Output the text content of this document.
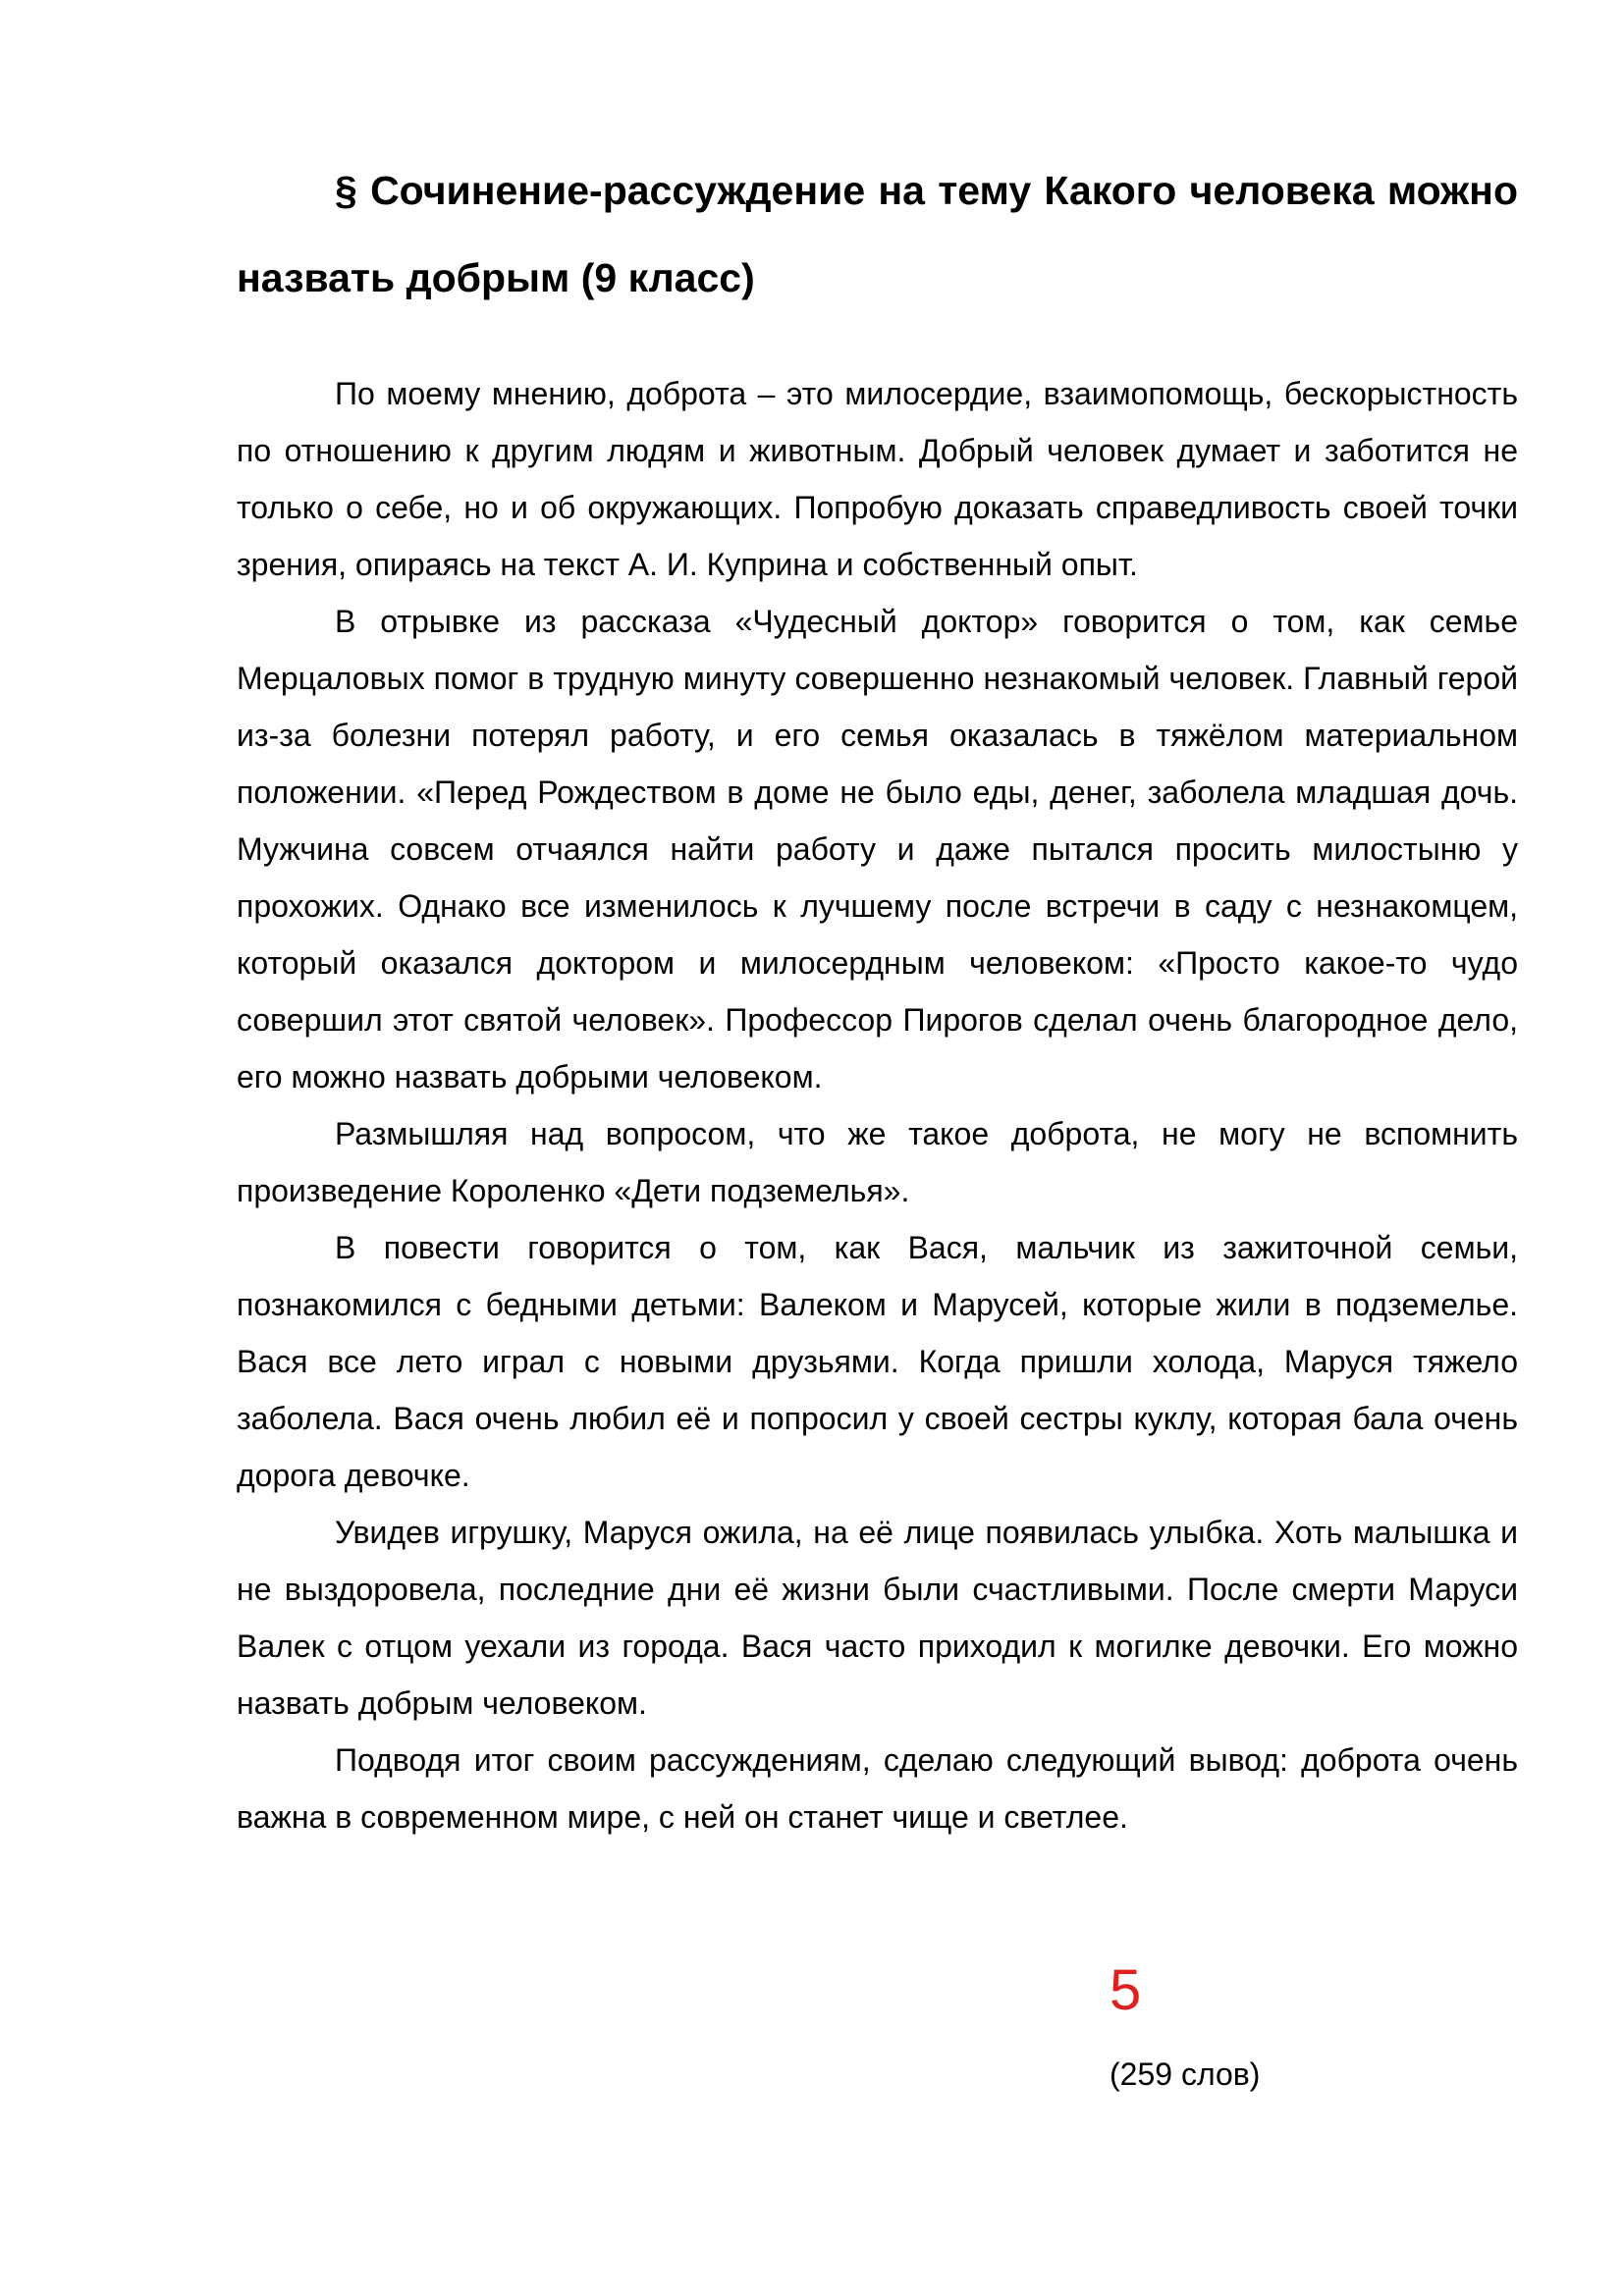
§ Сочинение-рассуждение на тему Какого человека можно назвать добрым (9 класс)

По моему мнению, доброта – это милосердие, взаимопомощь, бескорыстность по отношению к другим людям и животным. Добрый человек думает и заботится не только о себе, но и об окружающих. Попробую доказать справедливость своей точки зрения, опираясь на текст А. И. Куприна и собственный опыт.

В отрывке из рассказа «Чудесный доктор» говорится о том, как семье Мерцаловых помог в трудную минуту совершенно незнакомый человек. Главный герой из-за болезни потерял работу, и его семья оказалась в тяжёлом материальном положении. «Перед Рождеством в доме не было еды, денег, заболела младшая дочь. Мужчина совсем отчаялся найти работу и даже пытался просить милостыню у прохожих. Однако все изменилось к лучшему после встречи в саду с незнакомцем, который оказался доктором и милосердным человеком: «Просто какое-то чудо совершил этот святой человек». Профессор Пирогов сделал очень благородное дело, его можно назвать добрыми человеком.

Размышляя над вопросом, что же такое доброта, не могу не вспомнить произведение Короленко «Дети подземелья».

В повести говорится о том, как Вася, мальчик из зажиточной семьи, познакомился с бедными детьми: Валеком и Марусей, которые жили в подземелье. Вася все лето играл с новыми друзьями. Когда пришли холода, Маруся тяжело заболела. Вася очень любил её и попросил у своей сестры куклу, которая бала очень дорога девочке.

Увидев игрушку, Маруся ожила, на её лице появилась улыбка. Хоть малышка и не выздоровела, последние дни её жизни были счастливыми. После смерти Маруси Валек с отцом уехали из города. Вася часто приходил к могилке девочки. Его можно назвать добрым человеком.

Подводя итог своим рассуждениям, сделаю следующий вывод: доброта очень важна в современном мире, с ней он станет чище и светлее.

5
(259 слов)
